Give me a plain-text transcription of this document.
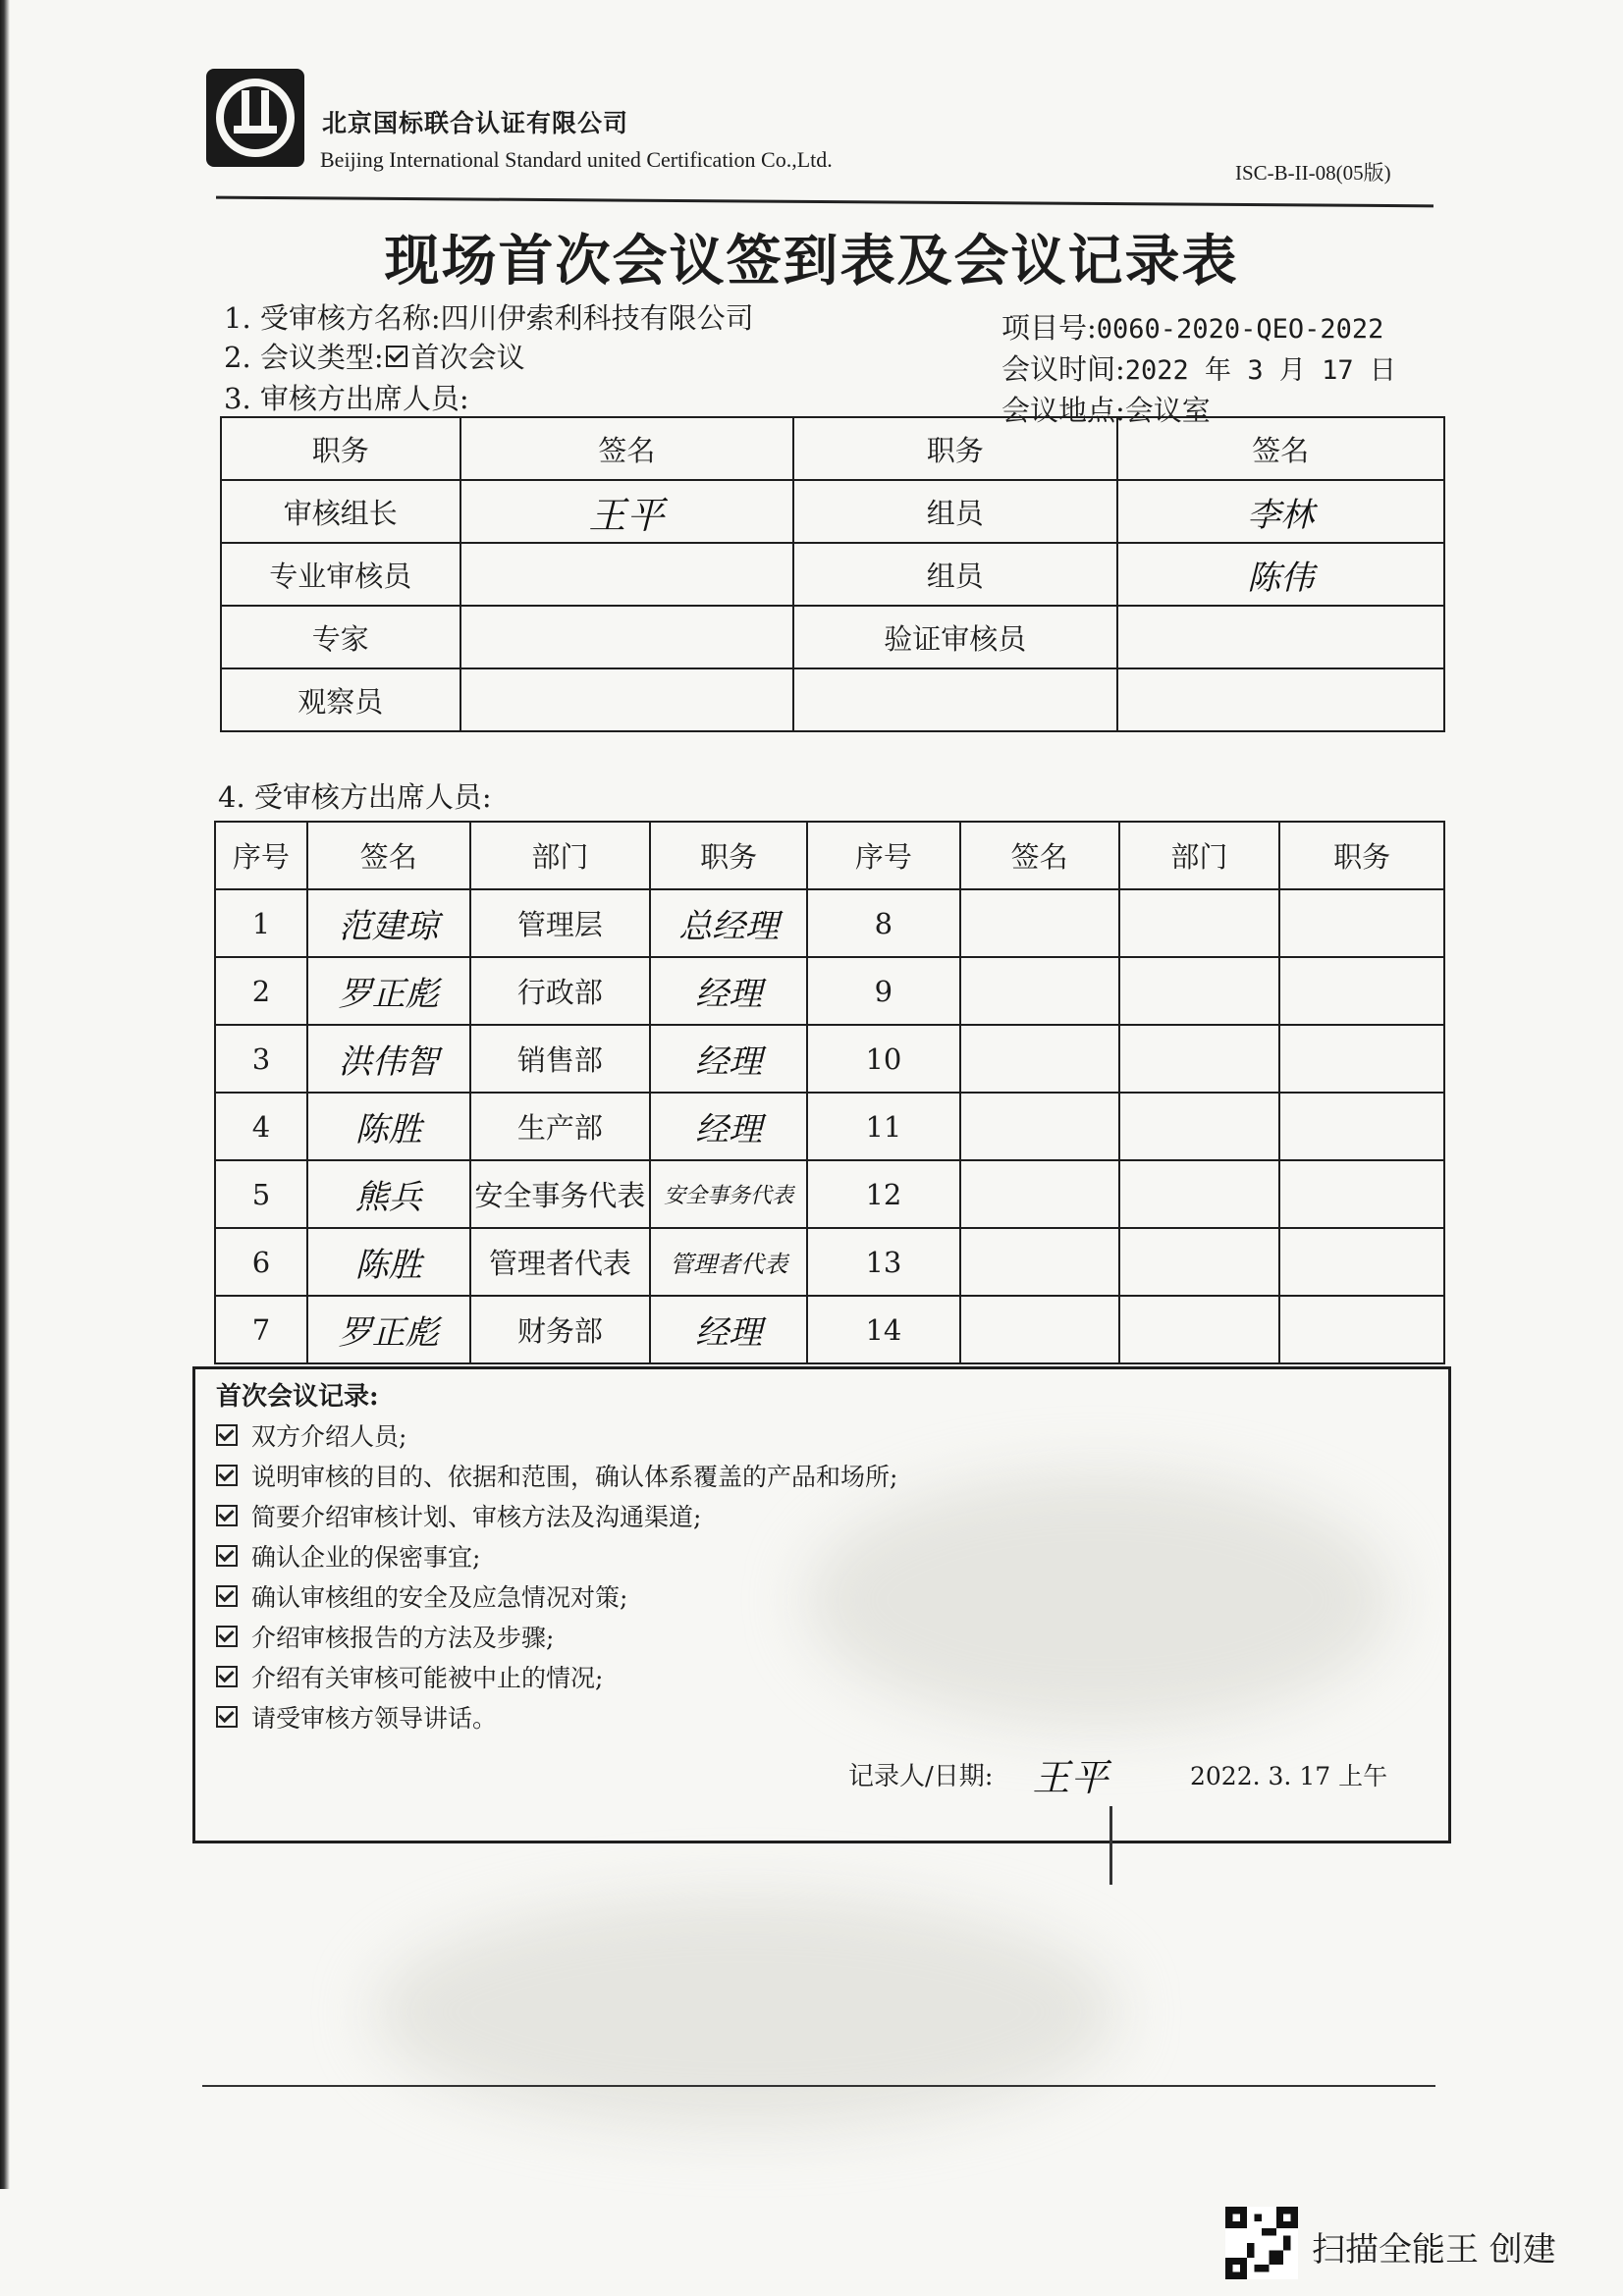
北京国标联合认证有限公司
Beijing International Standard united Certification Co.,Ltd.
ISC-B-II-08(05版)
现场首次会议签到表及会议记录表
1. 受审核方名称:四川伊索利科技有限公司
2. 会议类型: 首次会议
3. 审核方出席人员:
项目号:0060-2020-QEO-2022
会议时间:2022 年 3 月 17 日
会议地点:会议室
职务	签名	职务	签名
审核组长	王平	组员	李林
专业审核员		组员	陈伟
专家		验证审核员	
观察员			
4. 受审核方出席人员:
序号	签名	部门	职务	序号	签名	部门	职务
1	范建琼	管理层	总经理	8			
2	罗正彪	行政部	经理	9			
3	洪伟智	销售部	经理	10			
4	陈胜	生产部	经理	11			
5	熊兵	安全事务代表	安全事务代表	12			
6	陈胜	管理者代表	管理者代表	13			
7	罗正彪	财务部	经理	14			
首次会议记录:
双方介绍人员;
说明审核的目的、依据和范围，确认体系覆盖的产品和场所;
简要介绍审核计划、审核方法及沟通渠道;
确认企业的保密事宜;
确认审核组的安全及应急情况对策;
介绍审核报告的方法及步骤;
介绍有关审核可能被中止的情况;
请受审核方领导讲话。
记录人/日期: 王平	2022. 3. 17 上午
扫描全能王 创建
